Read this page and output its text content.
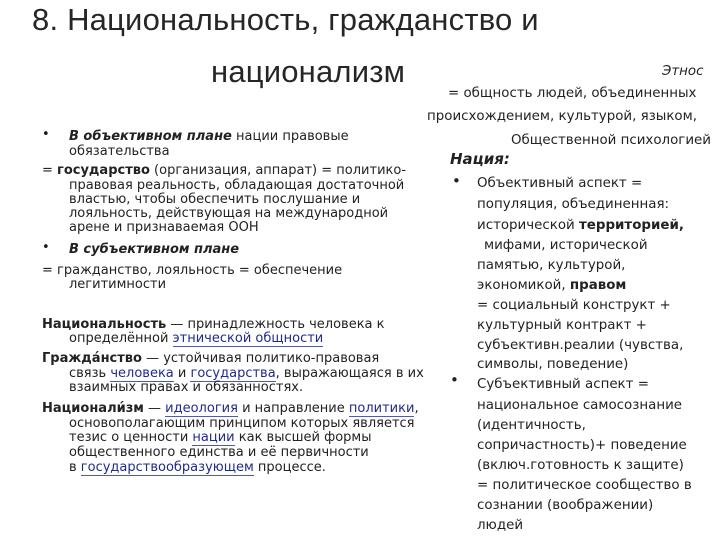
8. Национальность, гражданство и
национализм	Этнос
= общность людей, объединенных
происхождением, культурой, языком,
Общественной психологией
Нация:
• Объективный аспект =
популяция, объединенная:
исторической территорией,
мифами, исторической
памятью, культурой,
экономикой, правом
= социальный конструкт +
культурный контракт +
субъективн.реалии (чувства,
символы, поведение)
• Субъективный аспект =
национальное самосознание
(идентичность,
сопричастность)+ поведение
(включ.готовность к защите)
= политическое сообщество в
сознании (воображении)
людей
• В объективном плане нации правовые
обязательства
= государство (организация, аппарат) = политико-
правовая реальность, обладающая достаточной
властью, чтобы обеспечить послушание и
лояльность, действующая на международной
арене и признаваемая ООН
• В субъективном плане
= гражданство, лояльность = обеспечение
легитимности
Национальность — принадлежность человека к
определённой этнической общности
Гражда́нство — устойчивая политико-правовая
связь человека и государства, выражающаяся в их
взаимных правах и обязанностях.
Национали́зм — идеология и направление политики,
основополагающим принципом которых является
тезис о ценности нации как высшей формы
общественного единства и её первичности
в государствообразующем процессе.
